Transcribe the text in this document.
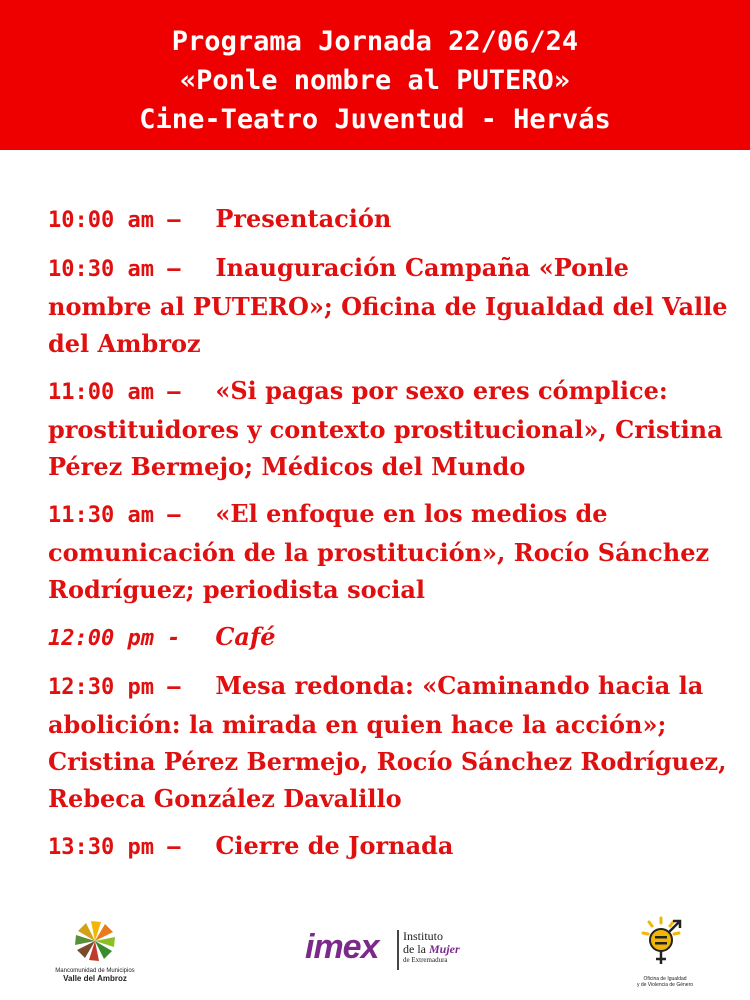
Programa Jornada 22/06/24
«Ponle nombre al PUTERO»
Cine-Teatro Juventud - Hervás
10:00 am –   Presentación
10:30 am –   Inauguración Campaña «Ponle nombre al PUTERO»; Oficina de Igualdad del Valle del Ambroz
11:00 am –   «Si pagas por sexo eres cómplice: prostituidores y contexto prostitucional», Cristina Pérez Bermejo; Médicos del Mundo
11:30 am –   «El enfoque en los medios de comunicación de la prostitución», Rocío Sánchez Rodríguez; periodista social
12:00 pm -   Café
12:30 pm –   Mesa redonda: «Caminando hacia la abolición: la mirada en quien hace la acción»; Cristina Pérez Bermejo, Rocío Sánchez Rodríguez, Rebeca González Davalillo
13:30 pm –   Cierre de Jornada
Mancomunidad de Municipios
Valle del Ambroz
imex Instituto
de la Mujer
de Extremadura
Oficina de Igualdad
y de Violencia de Género
